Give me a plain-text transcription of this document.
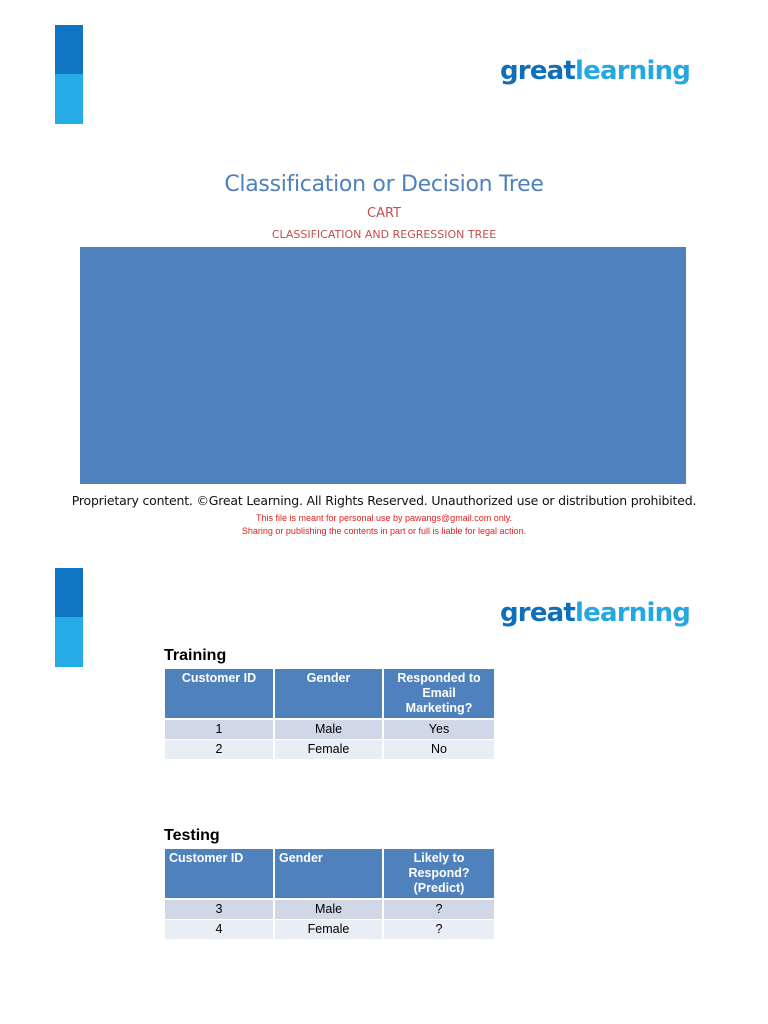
greatlearning
Classification or Decision Tree
CART
CLASSIFICATION AND REGRESSION TREE
Proprietary content. ©Great Learning. All Rights Reserved. Unauthorized use or distribution prohibited.
This file is meant for personal use by pawangs@gmail.com only.
Sharing or publishing the contents in part or full is liable for legal action.
greatlearning
Training
Customer ID	Gender	Responded to Email Marketing?
1	Male	Yes
2	Female	No
Testing
Customer ID	Gender	Likely to Respond? (Predict)
3	Male	?
4	Female	?
